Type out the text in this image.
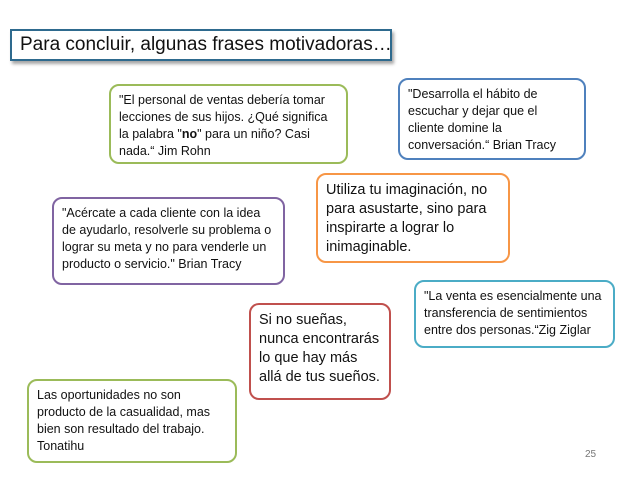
Para concluir, algunas frases motivadoras…
"El personal de ventas debería tomar lecciones de sus hijos. ¿Qué significa la palabra "no" para un niño? Casi nada.“ Jim Rohn
"Desarrolla el hábito de escuchar y dejar que el cliente domine la conversación.“ Brian Tracy
Utiliza tu imaginación, no para asustarte, sino para inspirarte a lograr lo inimaginable.
"Acércate a cada cliente con la idea de ayudarlo, resolverle su problema o lograr su meta y no para venderle un producto o servicio." Brian Tracy
"La venta es esencialmente una transferencia de sentimientos entre dos personas.“Zig Ziglar
Si no sueñas, nunca encontrarás lo que hay más allá de tus sueños.
Las oportunidades no son producto de la casualidad, mas bien son resultado del trabajo. Tonatihu
25
